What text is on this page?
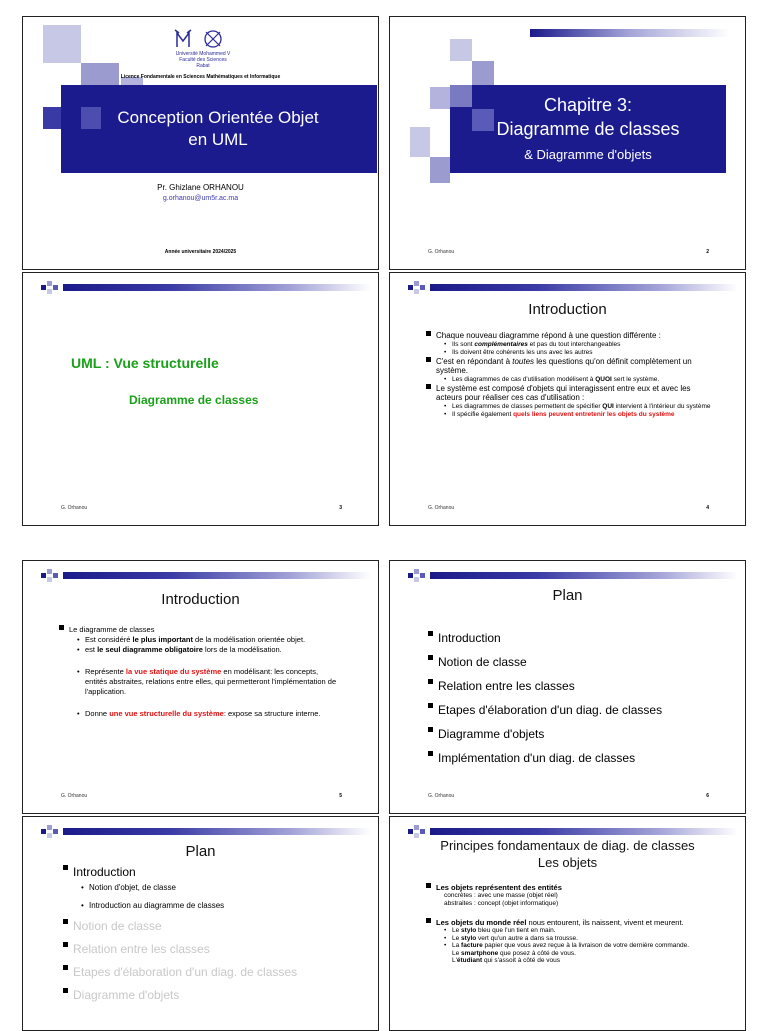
Université Mohammed V
Faculté des Sciences
Rabat
Licence Fondamentale en Sciences Mathématiques et Informatique
Conception Orientée Objet
en UML
Pr. Ghizlane ORHANOU
g.orhanou@um5r.ac.ma
Année universitaire 2024/2025
Chapitre 3:
Diagramme de classes
& Diagramme d'objets
G. Orhanou	2
UML : Vue structurelle
Diagramme de classes
G. Orhanou	3
Introduction
Chaque nouveau diagramme répond à une question différente :
• Ils sont complémentaires et pas du tout interchangeables
• Ils doivent être cohérents les uns avec les autres
C'est en répondant à toutes les questions qu'on définit complètement un système.
• Les diagrammes de cas d'utilisation modélisent à QUOI sert le système.
Le système est composé d'objets qui interagissent entre eux et avec les acteurs pour réaliser ces cas d'utilisation :
• Les diagrammes de classes permettent de spécifier QUI intervient à l'intérieur du système
• Il spécifie également quels liens peuvent entretenir les objets du système
G. Orhanou	4
Introduction
Le diagramme de classes
• Est considéré le plus important de la modélisation orientée objet.
• est le seul diagramme obligatoire lors de la modélisation.
• Représente la vue statique du système en modélisant: les concepts, entités abstraites, relations entre elles, qui permetteront l'implémentation de l'application.
• Donne une vue structurelle du système: expose sa structure interne.
G. Orhanou	5
Plan
Introduction
Notion de classe
Relation entre les classes
Etapes d'élaboration d'un diag. de classes
Diagramme d'objets
Implémentation d'un diag. de classes
G. Orhanou	6
Plan
Introduction
• Notion d'objet, de classe
• Introduction au diagramme de classes
Notion de classe
Relation entre les classes
Etapes d'élaboration d'un diag. de classes
Diagramme d'objets
Principes fondamentaux de diag. de classes
Les objets
Les objets représentent des entités
concrètes : avec une masse (objet réel)
abstraites : concept (objet informatique)
Les objets du monde réel nous entourent, ils naissent, vivent et meurent.
• Le stylo bleu que l'un tient en main.
• Le stylo vert qu'un autre a dans sa trousse.
• La facture papier que vous avez reçue à la livraison de votre dernière commande.
Le smartphone que posez à côté de vous.
L'étudiant qui s'assoit à côté de vous
